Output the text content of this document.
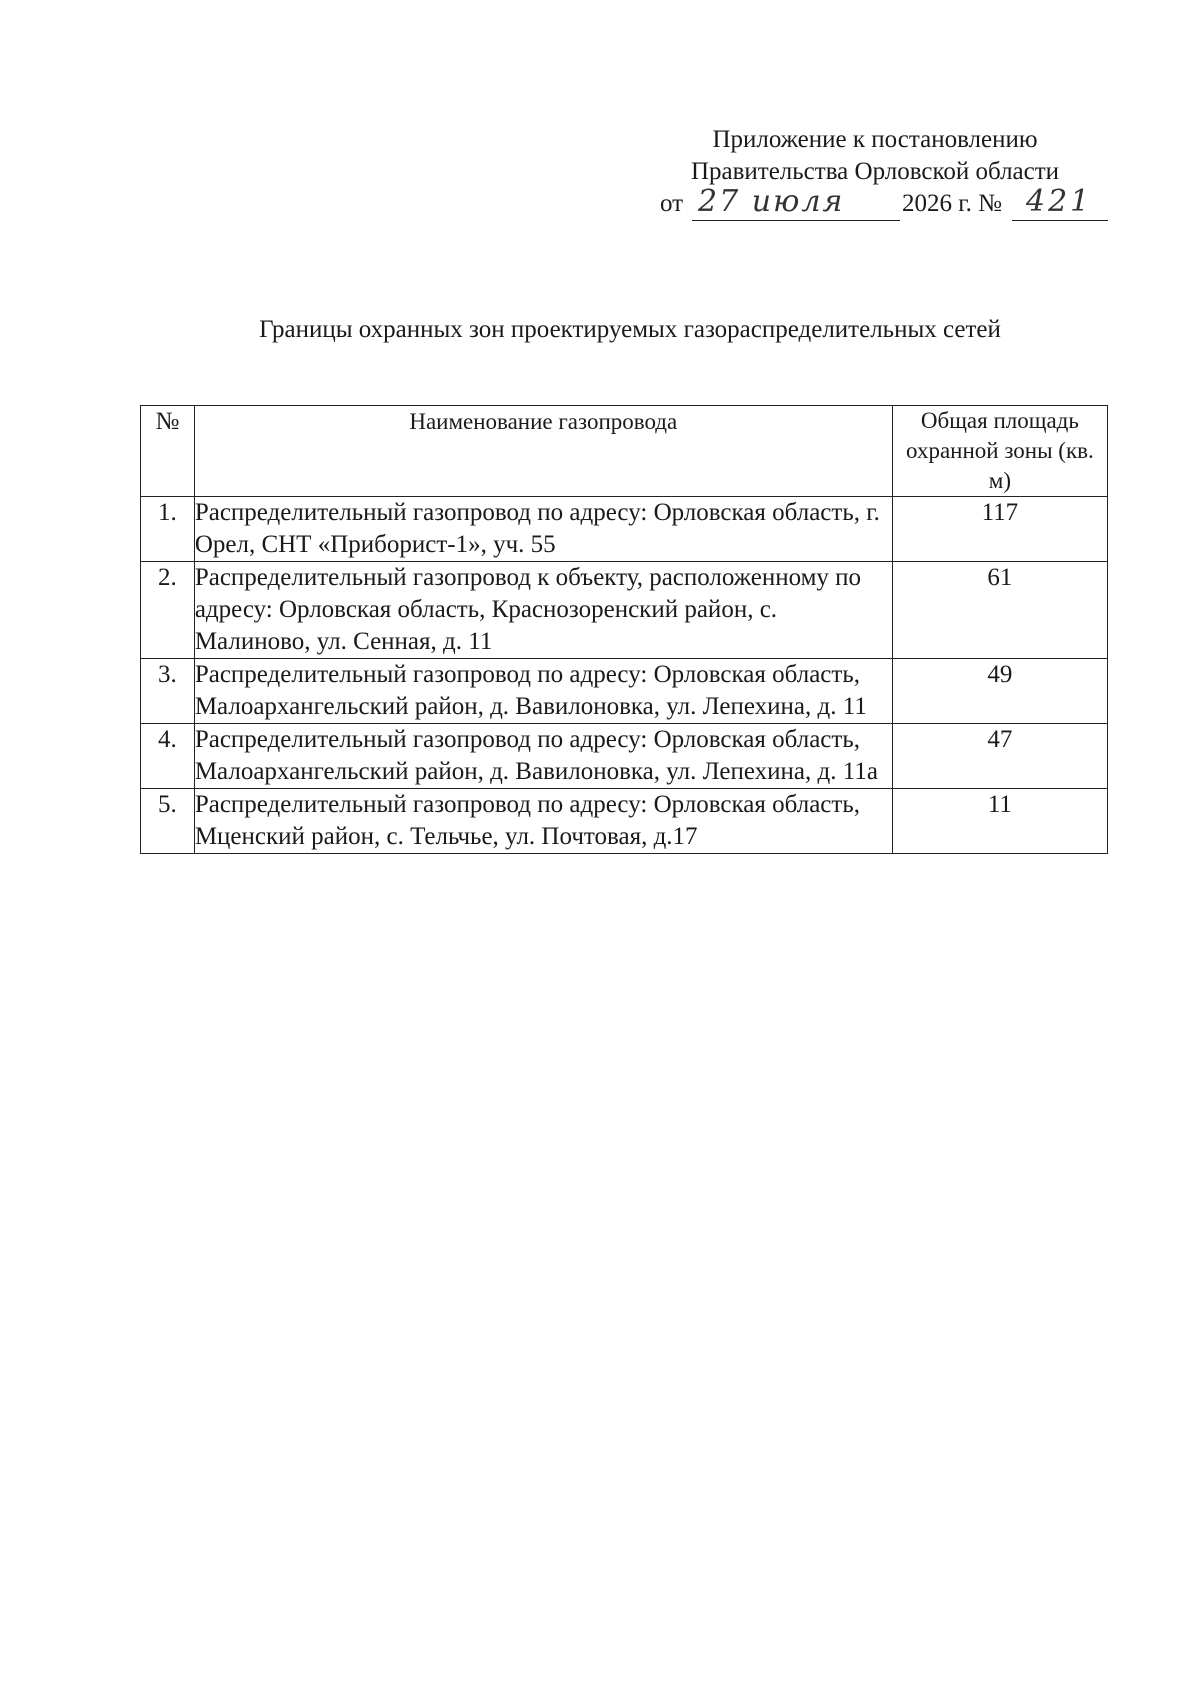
Приложение к постановлению
Правительства Орловской области
от 27 июля	2026 г. № 421
Границы охранных зон проектируемых газораспределительных сетей
№	Наименование газопровода	Общая площадь охранной зоны (кв. м)
1.	Распределительный газопровод по адресу: Орловская область, г. Орел, СНТ «Приборист-1», уч. 55	117
2.	Распределительный газопровод к объекту, расположенному по адресу: Орловская область, Краснозоренский район, с. Малиново, ул. Сенная, д. 11	61
3.	Распределительный газопровод по адресу: Орловская область, Малоархангельский район, д. Вавилоновка, ул. Лепехина, д. 11	49
4.	Распределительный газопровод по адресу: Орловская область, Малоархангельский район, д. Вавилоновка, ул. Лепехина, д. 11а	47
5.	Распределительный газопровод по адресу: Орловская область, Мценский район, с. Тельчье, ул. Почтовая, д.17	11
